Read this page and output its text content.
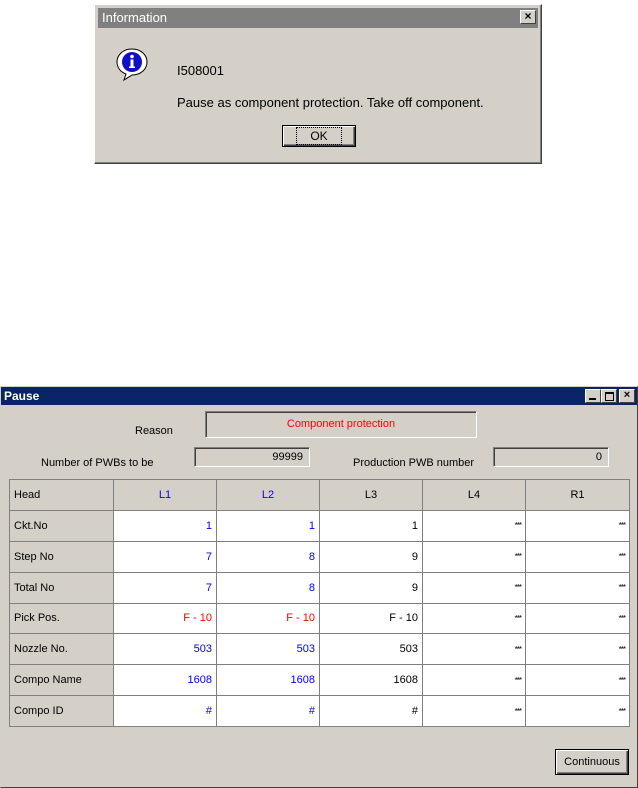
Information	×
I508001
Pause as component protection. Take off component.
OK
Pause	×
Reason
Component protection
Number of PWBs to be	99999	Production PWB number	0
Head	L1	L2	L3	L4	R1
Ckt.No	1	1	1	***	***
Step No	7	8	9	***	***
Total No	7	8	9	***	***
Pick Pos.	F - 10	F - 10	F - 10	***	***
Nozzle No.	503	503	503	***	***
Compo Name	1608	1608	1608	***	***
Compo ID	#	#	#	***	***
Continuous
